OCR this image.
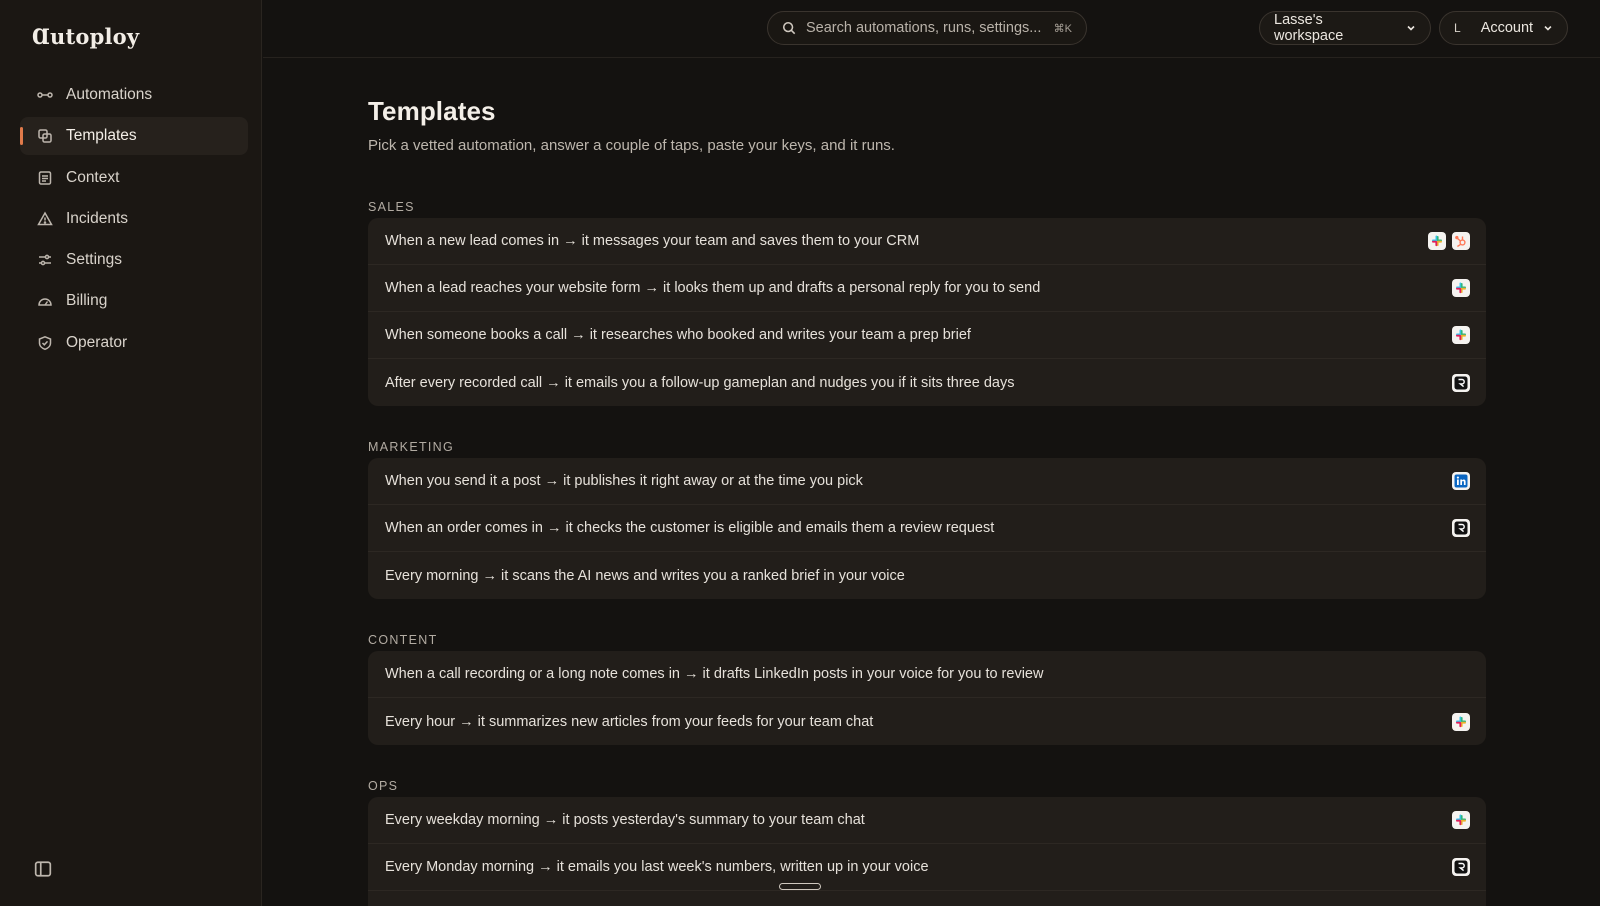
Ɑutoploy
Automations
Templates
Context
Incidents
Settings
Billing
Operator
Search automations, runs, settings... ⌘K
Lasse's workspace	L Account
Templates

Pick a vetted automation, answer a couple of taps, paste your keys, and it runs.

SALES
When a new lead comes in → it messages your team and saves them to your CRM
When a lead reaches your website form → it looks them up and drafts a personal reply for you to send
When someone books a call → it researches who booked and writes your team a prep brief
After every recorded call → it emails you a follow-up gameplan and nudges you if it sits three days
MARKETING
When you send it a post → it publishes it right away or at the time you pick
When an order comes in → it checks the customer is eligible and emails them a review request
Every morning → it scans the AI news and writes you a ranked brief in your voice
CONTENT
When a call recording or a long note comes in → it drafts LinkedIn posts in your voice for you to review
Every hour → it summarizes new articles from your feeds for your team chat
OPS
Every weekday morning → it posts yesterday's summary to your team chat
Every Monday morning → it emails you last week's numbers, written up in your voice
